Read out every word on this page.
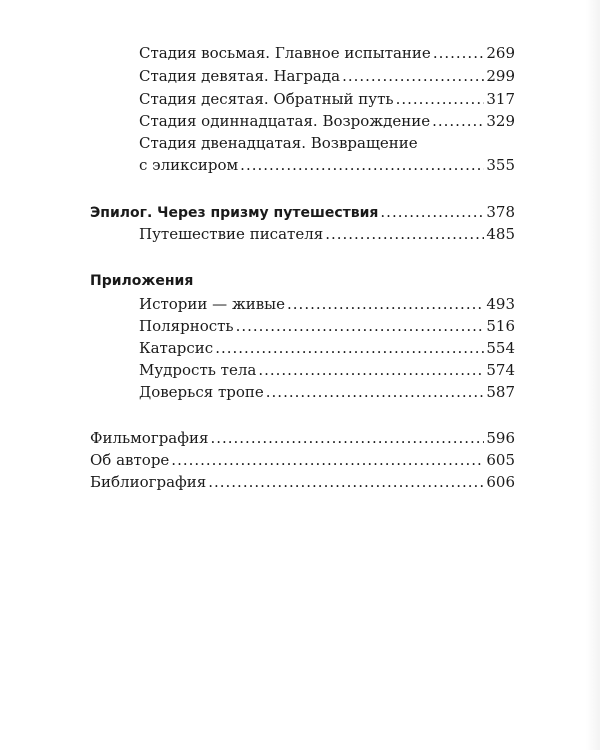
Стадия восьмая. Главное испытание .....	269
Стадия девятая. Награда .....	299
Стадия десятая. Обратный путь .....	317
Стадия одиннадцатая. Возрождение .....	329
Стадия двенадцатая. Возвращение
с эликсиром .....	355
Эпилог. Через призму путешествия .....	378
Путешествие писателя .....	485
Приложения
Истории — живые .....	493
Полярность .....	516
Катарсис .....	554
Мудрость тела .....	574
Доверься тропе .....	587
Фильмография .....	596
Об авторе .....	605
Библиография .....	606
